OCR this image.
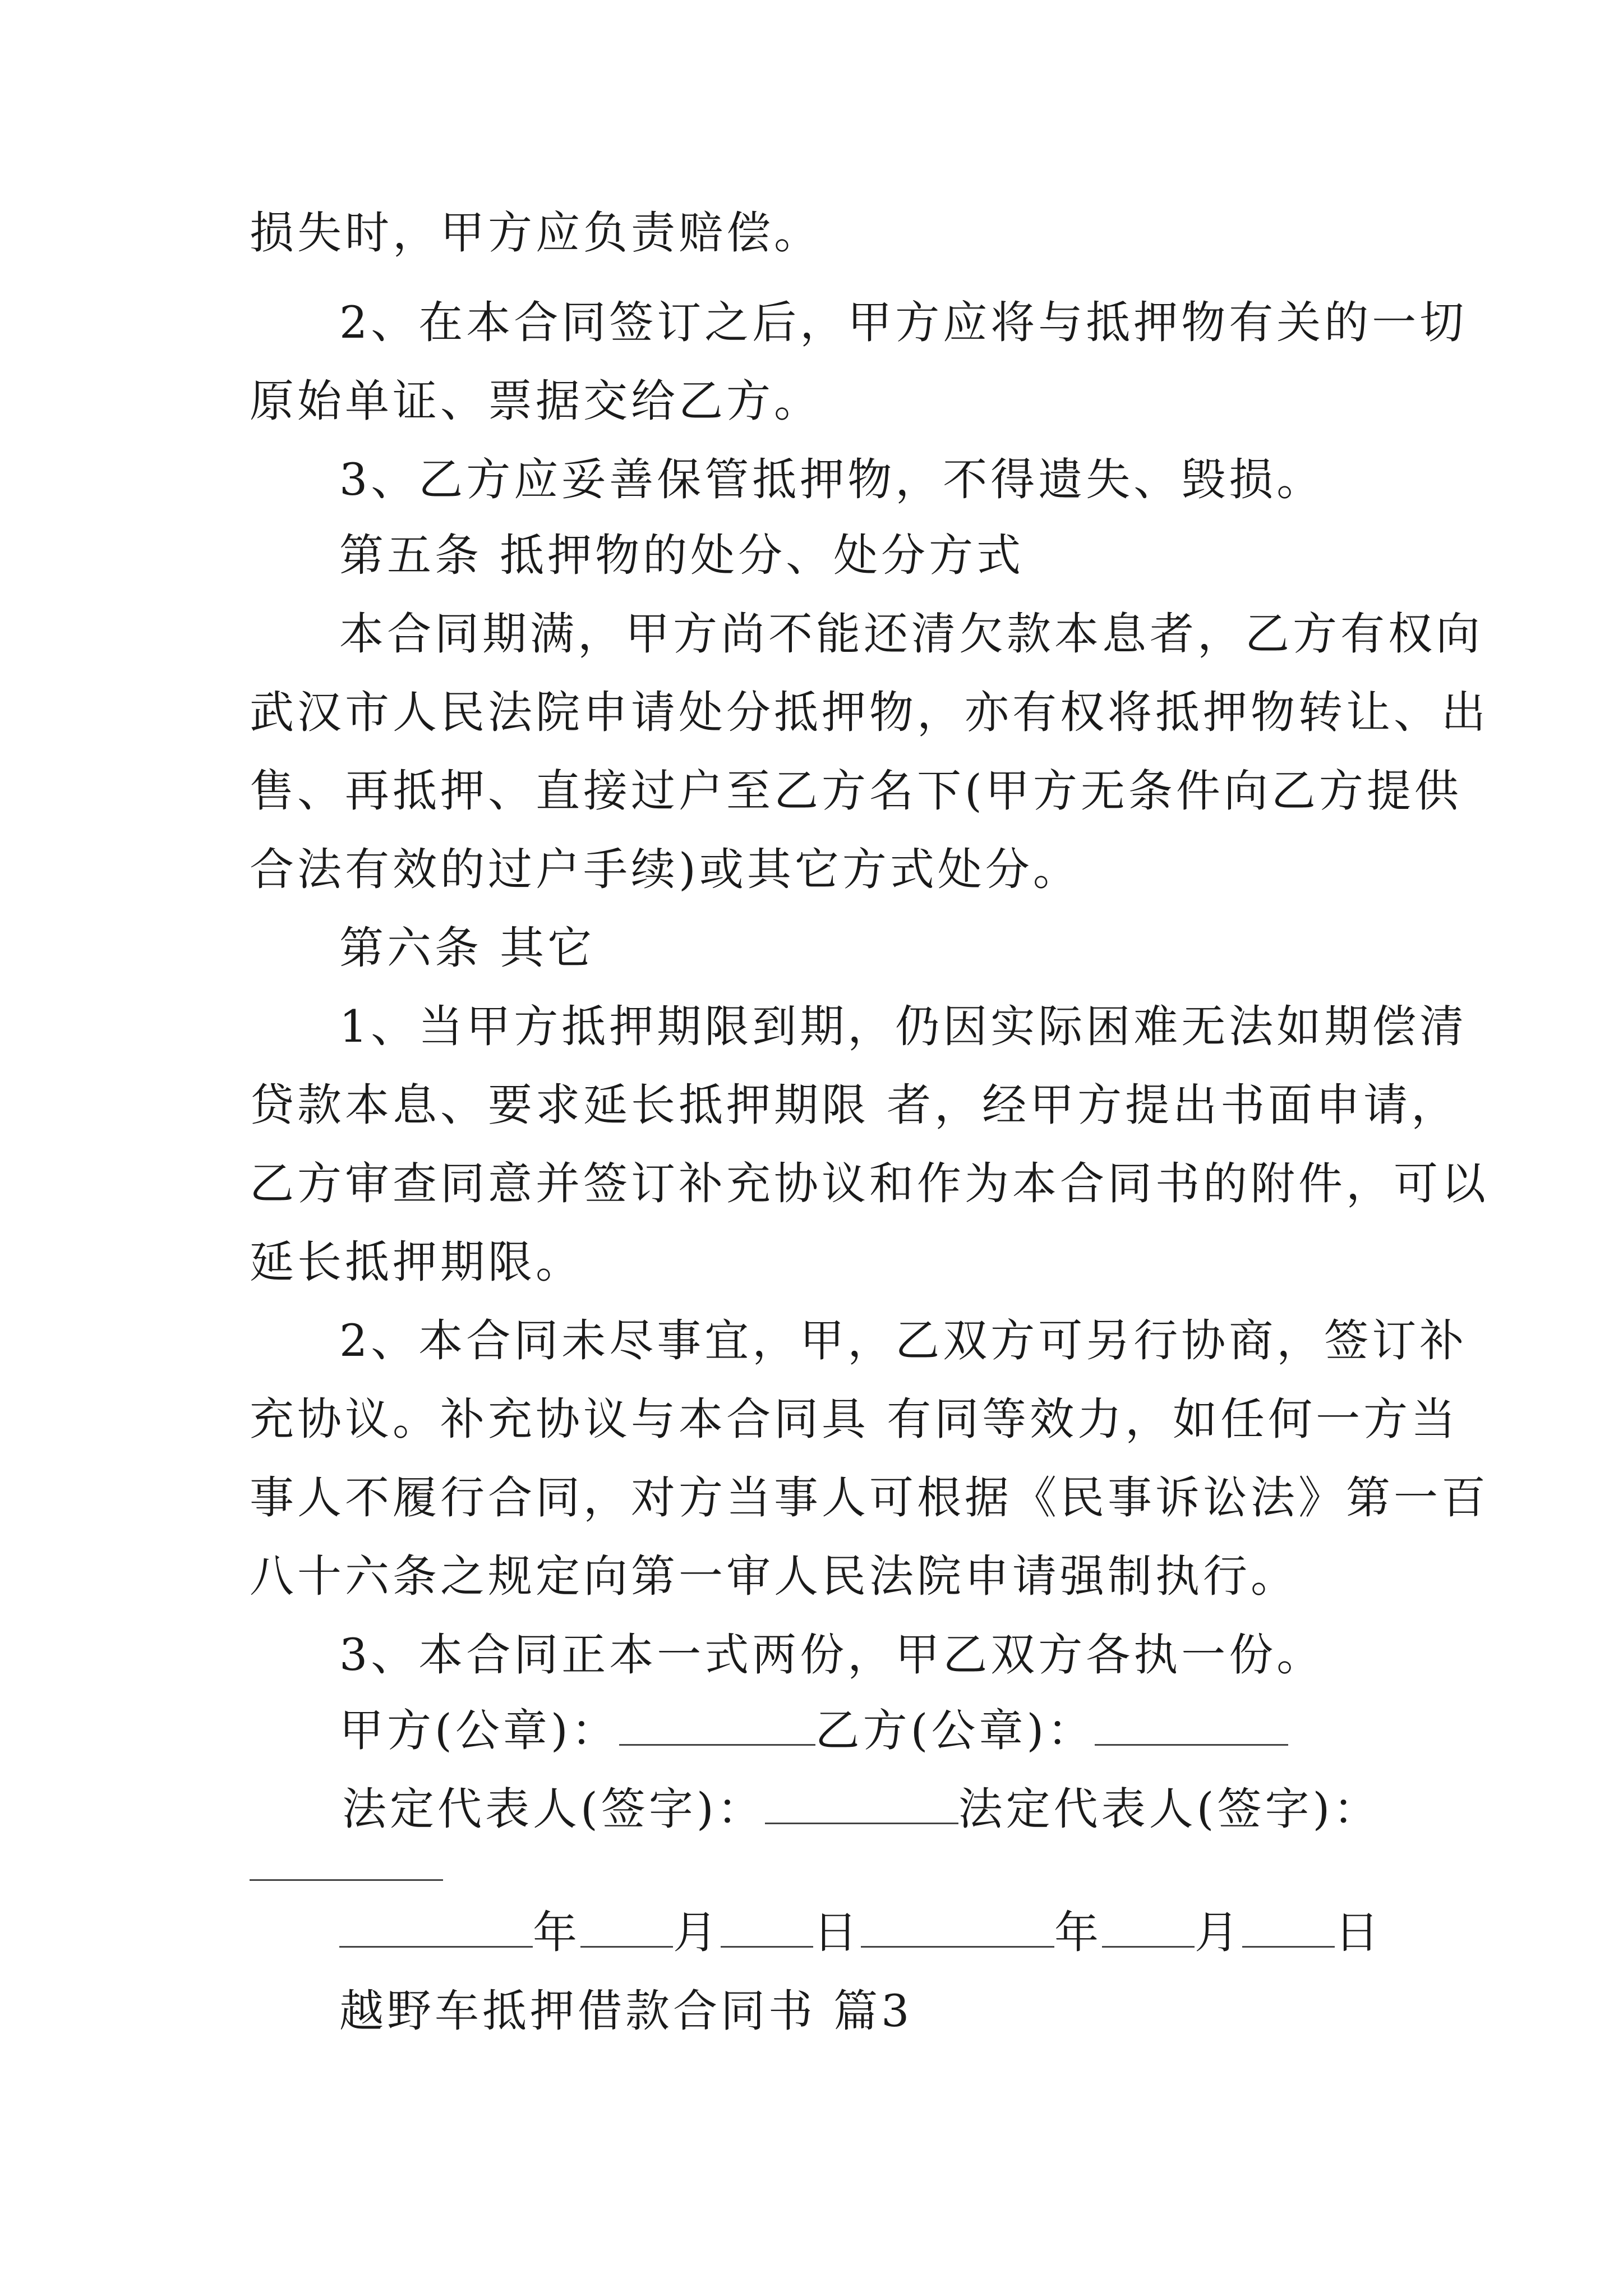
损失时，甲方应负责赔偿。
2、在本合同签订之后，甲方应将与抵押物有关的一切
原始单证、票据交给乙方。
3、乙方应妥善保管抵押物，不得遗失、毁损。
第五条 抵押物的处分、处分方式
本合同期满，甲方尚不能还清欠款本息者，乙方有权向
武汉市人民法院申请处分抵押物，亦有权将抵押物转让、出
售、再抵押、直接过户至乙方名下(甲方无条件向乙方提供
合法有效的过户手续)或其它方式处分。
第六条 其它
1、当甲方抵押期限到期，仍因实际困难无法如期偿清
贷款本息、要求延长抵押期限 者，经甲方提出书面申请，
乙方审查同意并签订补充协议和作为本合同书的附件，可以
延长抵押期限。
2、本合同未尽事宜，甲，乙双方可另行协商，签订补
充协议。补充协议与本合同具 有同等效力，如任何一方当
事人不履行合同，对方当事人可根据《民事诉讼法》第一百
八十六条之规定向第一审人民法院申请强制执行。
3、本合同正本一式两份，甲乙双方各执一份。
甲方(公章)：	乙方(公章)：
法定代表人(签字)：	法定代表人(签字)：
年 月 日	年 月 日
越野车抵押借款合同书 篇3
